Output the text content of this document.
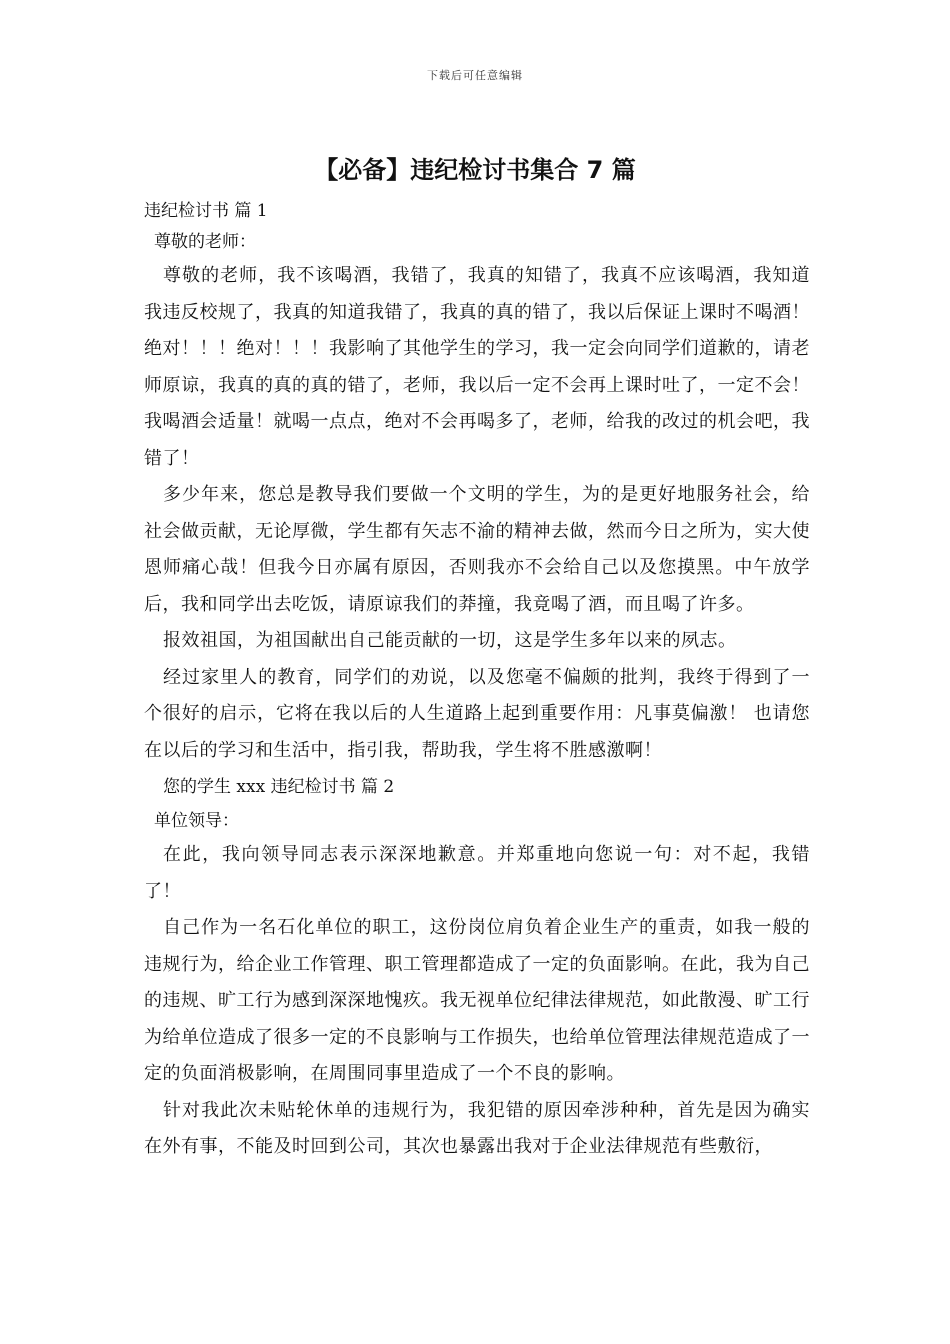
下载后可任意编辑
【必备】违纪检讨书集合 7 篇
违纪检讨书 篇 1
尊敬的老师：

尊敬的老师，我不该喝酒，我错了，我真的知错了，我真不应该喝酒，我知道我违反校规了，我真的知道我错了，我真的真的错了，我以后保证上课时不喝酒！绝对！！！绝对！！！我影响了其他学生的学习，我一定会向同学们道歉的，请老师原谅，我真的真的真的错了，老师，我以后一定不会再上课时吐了，一定不会！我喝酒会适量！就喝一点点，绝对不会再喝多了，老师，给我的改过的机会吧，我错了！

多少年来，您总是教导我们要做一个文明的学生，为的是更好地服务社会，给社会做贡献，无论厚微，学生都有矢志不渝的精神去做，然而今日之所为，实大使恩师痛心哉！但我今日亦属有原因，否则我亦不会给自己以及您摸黑。中午放学后，我和同学出去吃饭，请原谅我们的莽撞，我竟喝了酒，而且喝了许多。

报效祖国，为祖国献出自己能贡献的一切，这是学生多年以来的夙志。

经过家里人的教育，同学们的劝说，以及您毫不偏颇的批判，我终于得到了一个很好的启示，它将在我以后的人生道路上起到重要作用：凡事莫偏激！ 也请您在以后的学习和生活中，指引我，帮助我，学生将不胜感激啊！

您的学生 xxx 违纪检讨书 篇 2
单位领导：

在此，我向领导同志表示深深地歉意。并郑重地向您说一句：对不起，我错了！

自己作为一名石化单位的职工，这份岗位肩负着企业生产的重责，如我一般的违规行为，给企业工作管理、职工管理都造成了一定的负面影响。在此，我为自己的违规、旷工行为感到深深地愧疚。我无视单位纪律法律规范，如此散漫、旷工行为给单位造成了很多一定的不良影响与工作损失，也给单位管理法律规范造成了一定的负面消极影响，在周围同事里造成了一个不良的影响。

针对我此次未贴轮休单的违规行为，我犯错的原因牵涉种种，首先是因为确实在外有事，不能及时回到公司，其次也暴露出我对于企业法律规范有些敷衍，
